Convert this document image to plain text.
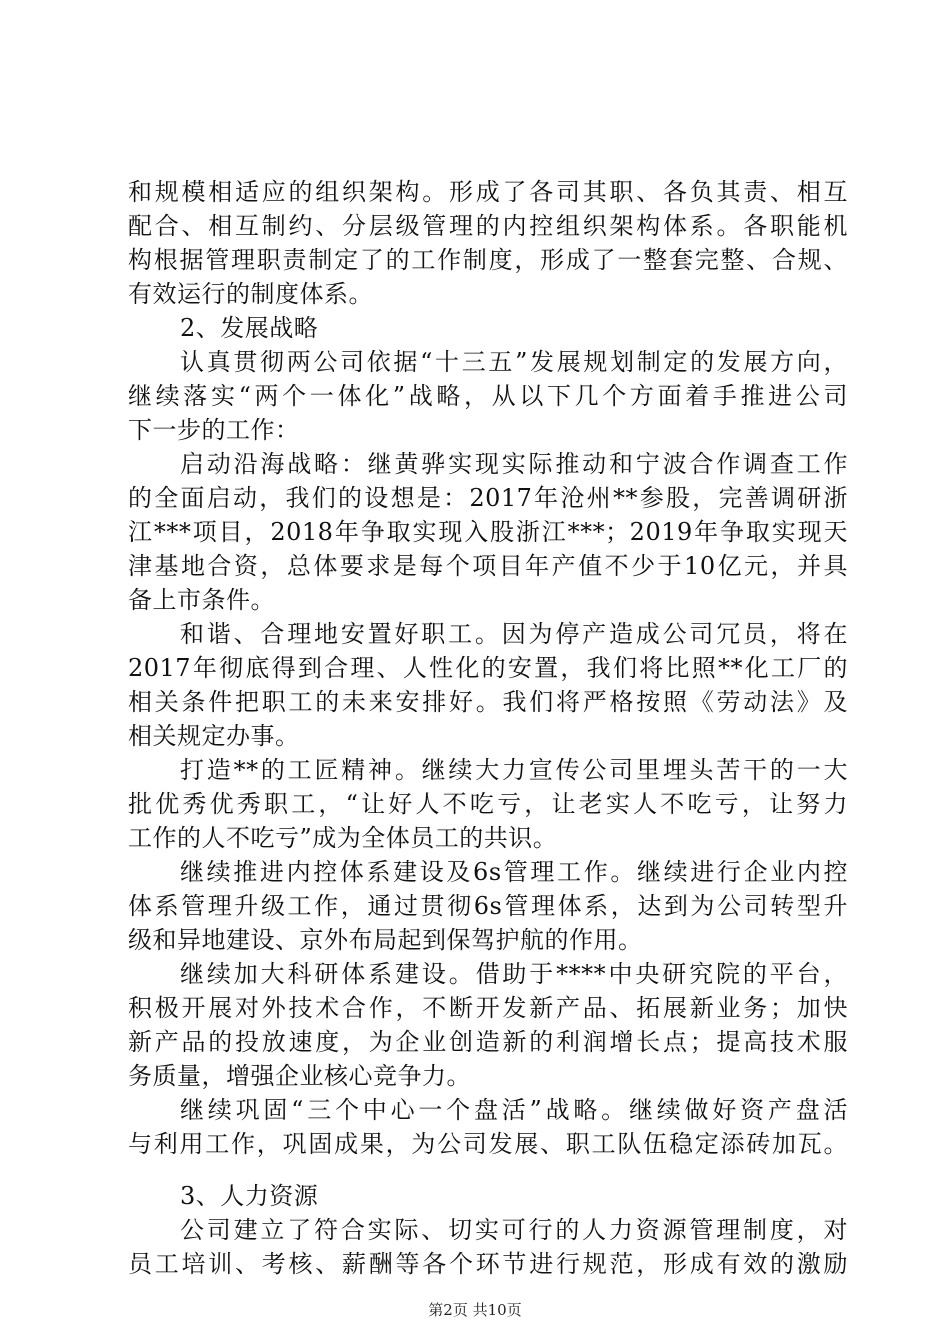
和规模相适应的组织架构。形成了各司其职、各负其责、相互
配合、相互制约、分层级管理的内控组织架构体系。各职能机
构根据管理职责制定了的工作制度，形成了一整套完整、合规、
有效运行的制度体系。
2、发展战略
认真贯彻两公司依据“十三五”发展规划制定的发展方向，
继续落实“两个一体化”战略，从以下几个方面着手推进公司
下一步的工作：
启动沿海战略：继黄骅实现实际推动和宁波合作调查工作
的全面启动，我们的设想是：2017年沧州**参股，完善调研浙
江***项目，2018年争取实现入股浙江***；2019年争取实现天
津基地合资，总体要求是每个项目年产值不少于10亿元，并具
备上市条件。
和谐、合理地安置好职工。因为停产造成公司冗员，将在
2017年彻底得到合理、人性化的安置，我们将比照**化工厂的
相关条件把职工的未来安排好。我们将严格按照《劳动法》及
相关规定办事。
打造**的工匠精神。继续大力宣传公司里埋头苦干的一大
批优秀优秀职工，“让好人不吃亏，让老实人不吃亏，让努力
工作的人不吃亏”成为全体员工的共识。
继续推进内控体系建设及6s管理工作。继续进行企业内控
体系管理升级工作，通过贯彻6s管理体系，达到为公司转型升
级和异地建设、京外布局起到保驾护航的作用。
继续加大科研体系建设。借助于****中央研究院的平台，
积极开展对外技术合作，不断开发新产品、拓展新业务；加快
新产品的投放速度，为企业创造新的利润增长点；提高技术服
务质量，增强企业核心竞争力。
继续巩固“三个中心一个盘活”战略。继续做好资产盘活
与利用工作，巩固成果，为公司发展、职工队伍稳定添砖加瓦。
3、人力资源
公司建立了符合实际、切实可行的人力资源管理制度，对
员工培训、考核、薪酬等各个环节进行规范，形成有效的激励
第2页 共10页
